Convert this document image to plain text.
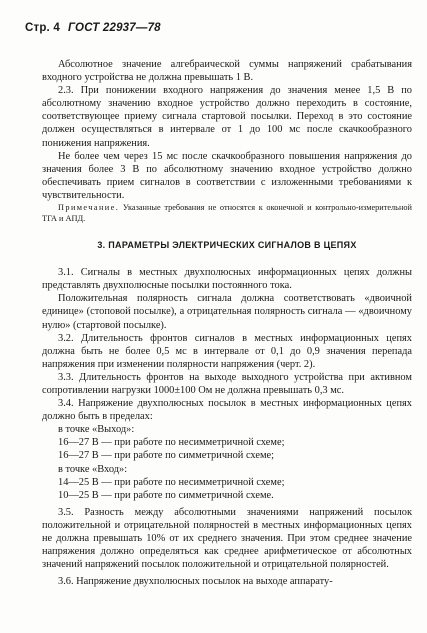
Стр. 4 ГОСТ 22937—78

Абсолютное значение алгебраической суммы напряжений срабатывания входного устройства не должна превышать 1 В.

2.3. При понижении входного напряжения до значения менее 1,5 В по абсолютному значению входное устройство должно переходить в состояние, соответствующее приему сигнала стартовой посылки. Переход в это состояние должен осуществляться в интервале от 1 до 100 мс после скачкообразного понижения напряжения.

Не более чем через 15 мс после скачкообразного повышения напряжения до значения более 3 В по абсолютному значению входное устройство должно обеспечивать прием сигналов в соответствии с изложенными требованиями к чувствительности.

Примечание. Указанные требования не относятся к оконечной и контрольно-измерительной ТГА и АПД.

3. ПАРАМЕТРЫ ЭЛЕКТРИЧЕСКИХ СИГНАЛОВ В ЦЕПЯХ

3.1. Сигналы в местных двухполюсных информационных цепях должны представлять двухполюсные посылки постоянного тока.

Положительная полярность сигнала должна соответствовать «двоичной единице» (стоповой посылке), а отрицательная полярность сигнала — «двоичному нулю» (стартовой посылке).

3.2. Длительность фронтов сигналов в местных информационных цепях должна быть не более 0,5 мс в интервале от 0,1 до 0,9 значения перепада напряжения при изменении полярности напряжения (черт. 2).

3.3. Длительность фронтов на выходе выходного устройства при активном сопротивлении нагрузки 1000±100 Ом не должна превышать 0,3 мс.

3.4. Напряжение двухполюсных посылок в местных информационных цепях должно быть в пределах:

в точке «Выход»:

16—27 В — при работе по несимметричной схеме;

16—27 В — при работе по симметричной схеме;

в точке «Вход»:

14—25 В — при работе по несимметричной схеме;

10—25 В — при работе по симметричной схеме.

3.5. Разность между абсолютными значениями напряжений посылок положительной и отрицательной полярностей в местных информационных цепях не должна превышать 10% от их среднего значения. При этом среднее значение напряжения должно определяться как среднее арифметическое от абсолютных значений напряжений посылок положительной и отрицательной полярностей.

3.6. Напряжение двухполюсных посылок на выходе аппарату-
